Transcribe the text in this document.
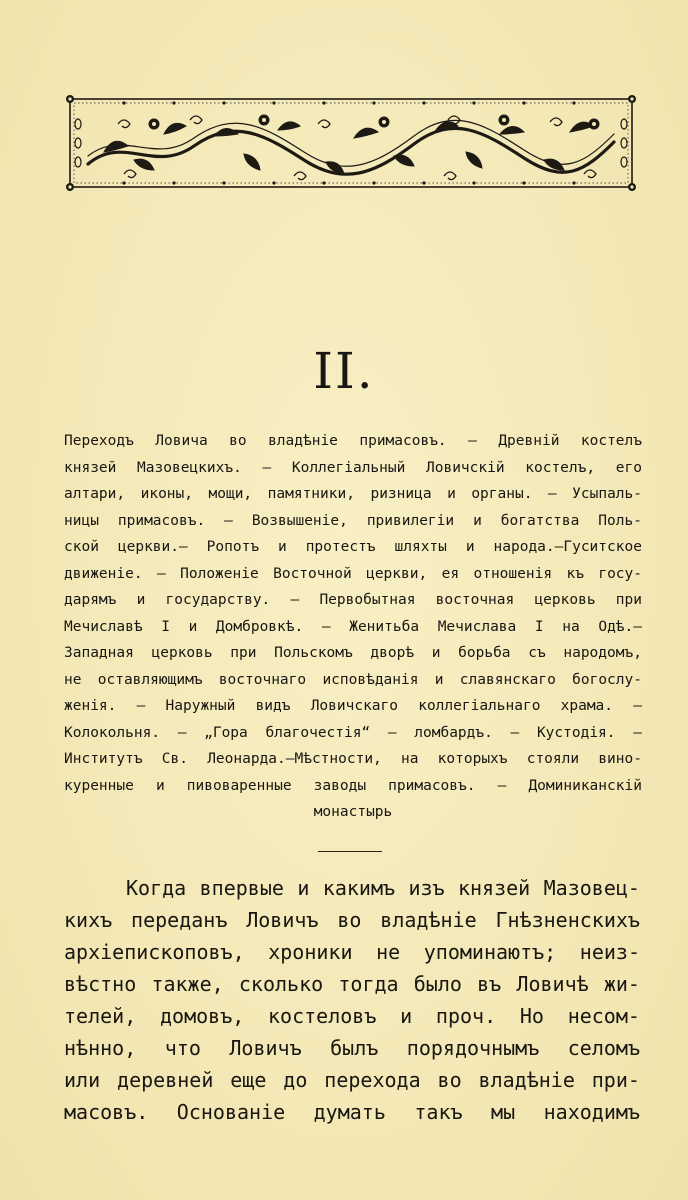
II.
Переходъ Ловича во владѣніе примасовъ. — Древній костелъ
князей Мазовецкихъ. — Коллегіальный Ловичскій костелъ, его
алтари, иконы, мощи, памятники, ризница и органы. — Усыпаль-
ницы примасовъ. — Возвышеніе, привилегіи и богатства Поль-
ской церкви.— Ропотъ и протестъ шляхты и народа.—Гуситское
движеніе. — Положеніе Восточной церкви, ея отношенія къ госу-
дарямъ и государству. — Первобытная восточная церковь при
Мечиславѣ І и Домбровкѣ. — Женитьба Мечислава І на Одѣ.—
Западная церковь при Польскомъ дворѣ и борьба съ народомъ,
не оставляющимъ восточнаго исповѣданія и славянскаго богослу-
женія. — Наружный видъ Ловичскаго коллегіальнаго храма. —
Колокольня. — „Гора благочестія“ — ломбардъ. — Кустодія. —
Институтъ Св. Леонарда.—Мѣстности, на которыхъ стояли вино-
куренные и пивоваренные заводы примасовъ. — Доминиканскій
монастырь
Когда впервые и какимъ изъ князей Мазовец-
кихъ переданъ Ловичъ во владѣніе Гнѣзненскихъ
архіепископовъ, хроники не упоминаютъ; неиз-
вѣстно также, сколько тогда было въ Ловичѣ жи-
телей, домовъ, костеловъ и проч. Но несом-
нѣнно, что Ловичъ былъ порядочнымъ селомъ
или деревней еще до перехода во владѣніе при-
масовъ. Основаніе думать такъ мы находимъ
